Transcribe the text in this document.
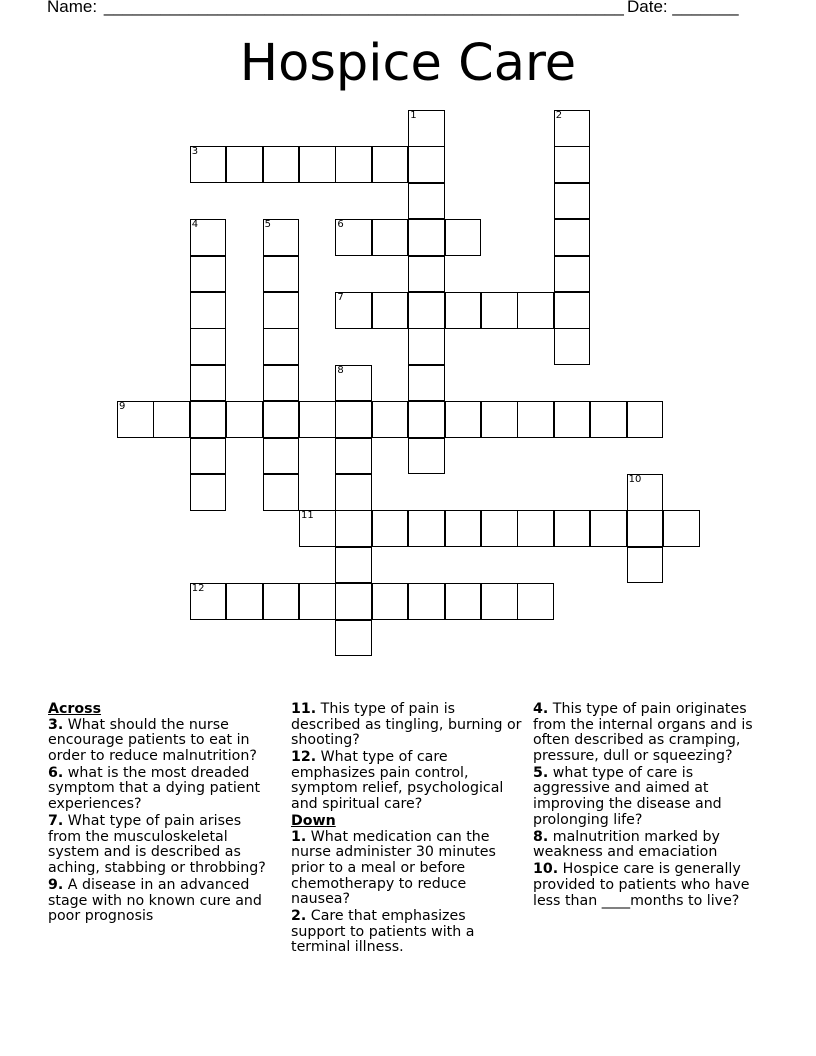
Name: _______________________________________________________ Date: _______
Hospice Care
1	2
3
4	5	6
7
8
9
10
11
12
Across
3. What should the nurse encourage patients to eat in order to reduce malnutrition?
6. what is the most dreaded symptom that a dying patient experiences?
7. What type of pain arises from the musculoskeletal system and is described as aching, stabbing or throbbing?
9. A disease in an advanced stage with no known cure and poor prognosis
11. This type of pain is described as tingling, burning or shooting?
12. What type of care emphasizes pain control, symptom relief, psychological and spiritual care?
Down
1. What medication can the nurse administer 30 minutes prior to a meal or before chemotherapy to reduce nausea?
2. Care that emphasizes support to patients with a terminal illness.
4. This type of pain originates from the internal organs and is often described as cramping, pressure, dull or squeezing?
5. what type of care is aggressive and aimed at improving the disease and prolonging life?
8. malnutrition marked by weakness and emaciation
10. Hospice care is generally provided to patients who have less than ____months to live?
